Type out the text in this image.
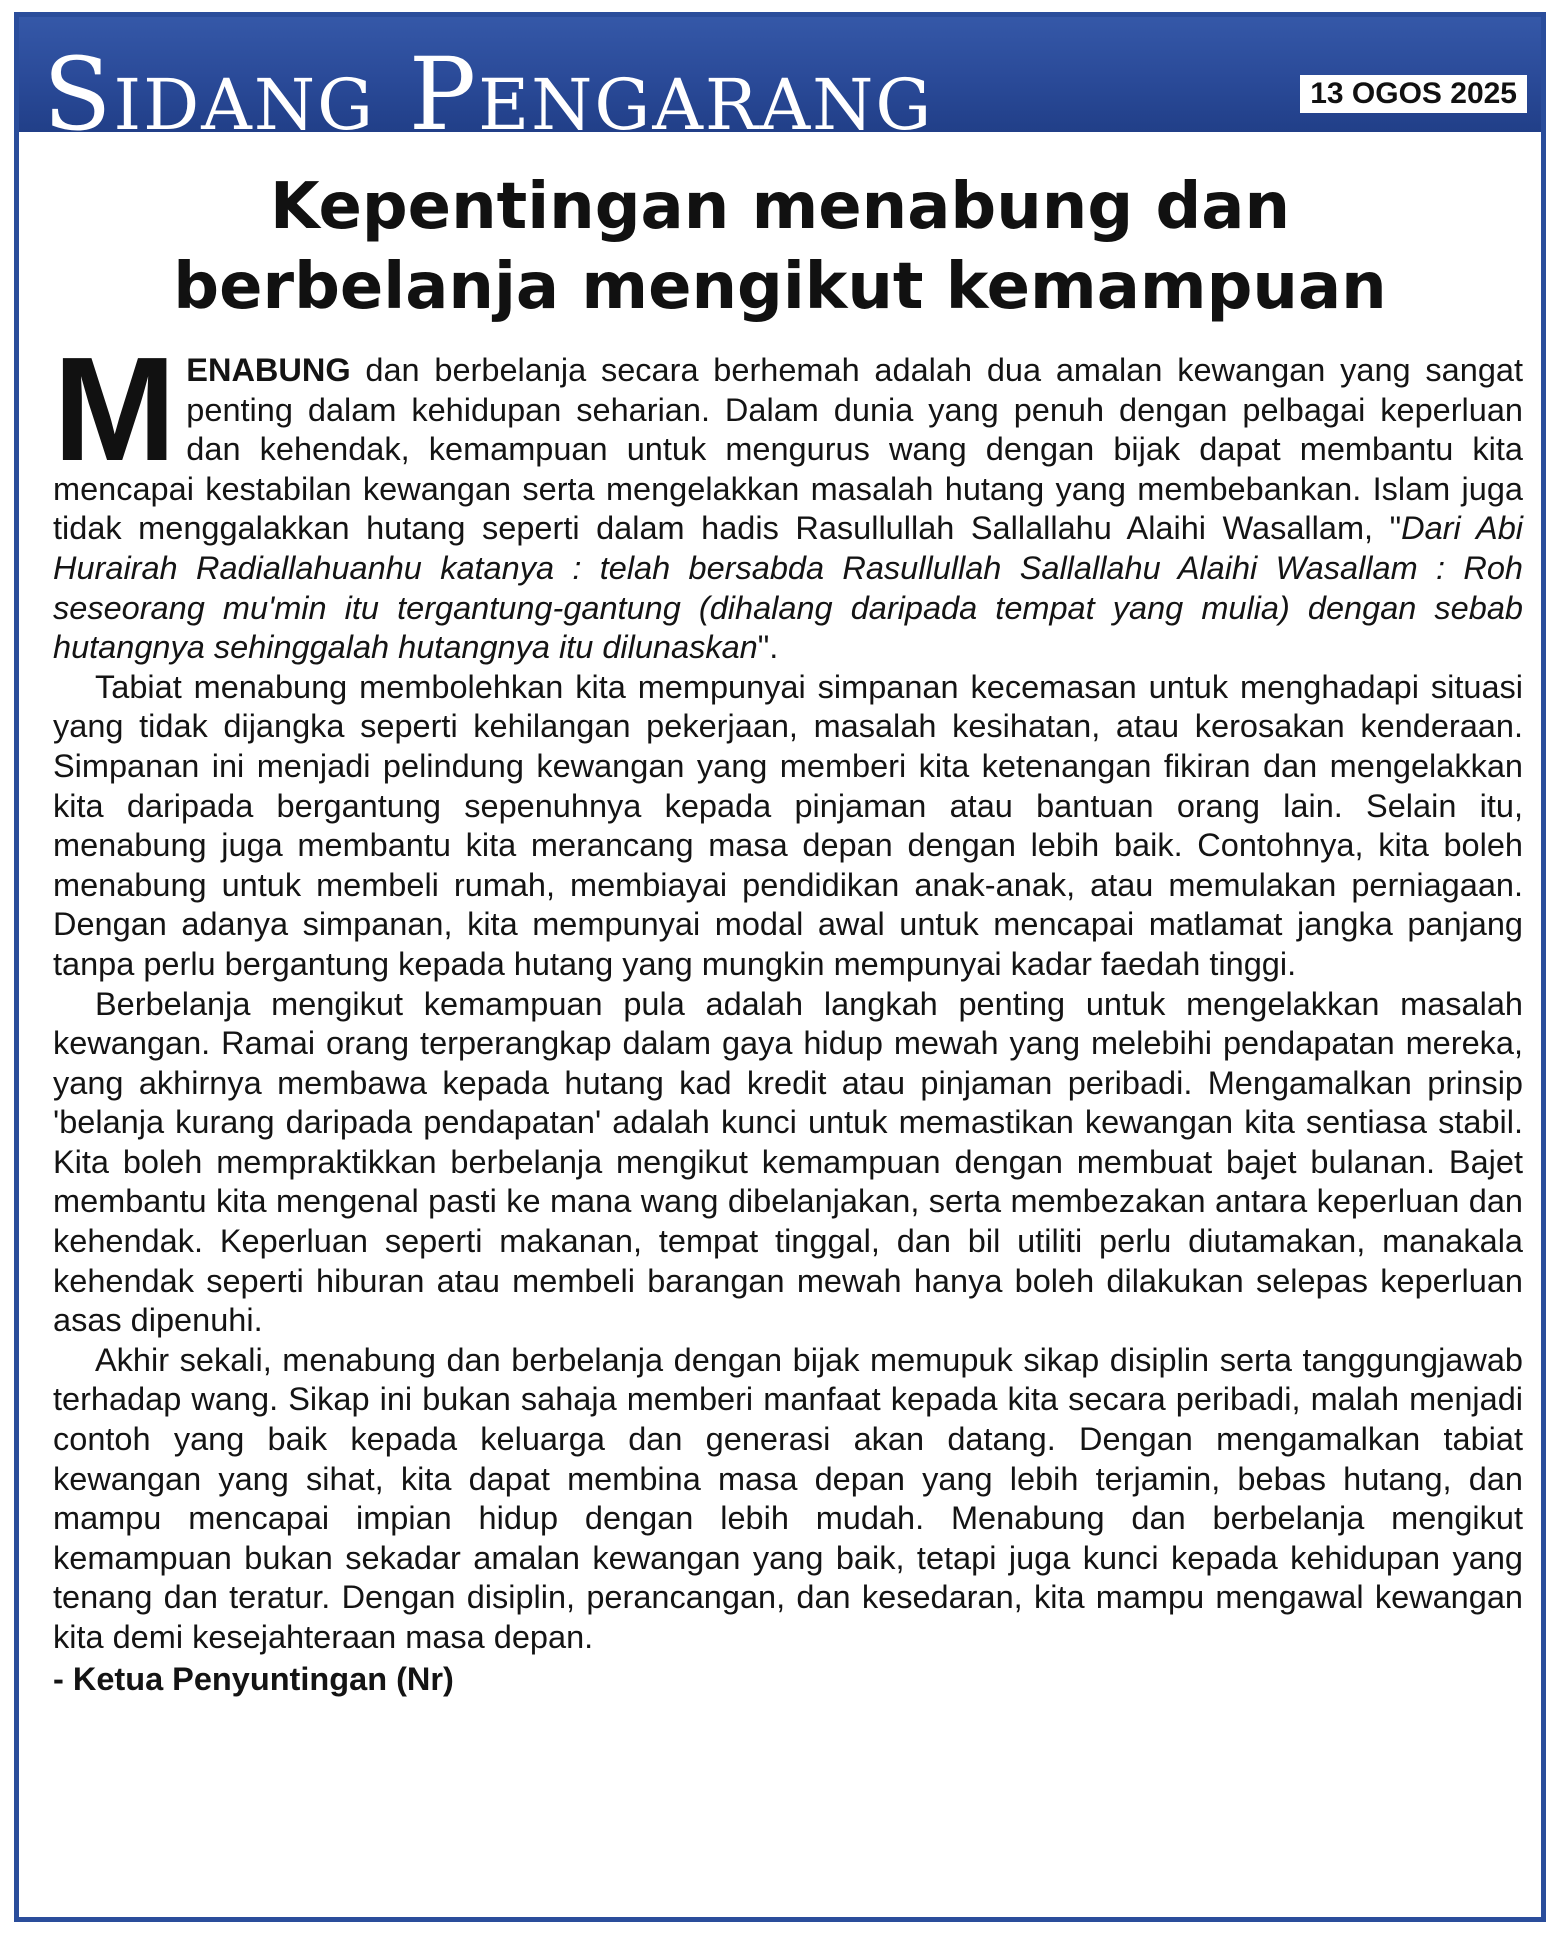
Sidang Pengarang	13 OGOS 2025
Kepentingan menabung dan
berbelanja mengikut kemampuan

MENABUNG dan berbelanja secara berhemah adalah dua amalan kewangan yang sangat penting dalam kehidupan seharian. Dalam dunia yang penuh dengan pelbagai keperluan dan kehendak, kemampuan untuk mengurus wang dengan bijak dapat membantu kita mencapai kestabilan kewangan serta mengelakkan masalah hutang yang membebankan. Islam juga tidak menggalakkan hutang seperti dalam hadis Rasullullah Sallallahu Alaihi Wasallam, "Dari Abi Hurairah Radiallahuanhu katanya : telah bersabda Rasullullah Sallallahu Alaihi Wasallam : Roh seseorang mu'min itu tergantung-gantung (dihalang daripada tempat yang mulia) dengan sebab hutangnya sehinggalah hutangnya itu dilunaskan".

Tabiat menabung membolehkan kita mempunyai simpanan kecemasan untuk menghadapi situasi yang tidak dijangka seperti kehilangan pekerjaan, masalah kesihatan, atau kerosakan kenderaan. Simpanan ini menjadi pelindung kewangan yang memberi kita ketenangan fikiran dan mengelakkan kita daripada bergantung sepenuhnya kepada pinjaman atau bantuan orang lain. Selain itu, menabung juga membantu kita merancang masa depan dengan lebih baik. Contohnya, kita boleh menabung untuk membeli rumah, membiayai pendidikan anak-anak, atau memulakan perniagaan. Dengan adanya simpanan, kita mempunyai modal awal untuk mencapai matlamat jangka panjang tanpa perlu bergantung kepada hutang yang mungkin mempunyai kadar faedah tinggi.

Berbelanja mengikut kemampuan pula adalah langkah penting untuk mengelakkan masalah kewangan. Ramai orang terperangkap dalam gaya hidup mewah yang melebihi pendapatan mereka, yang akhirnya membawa kepada hutang kad kredit atau pinjaman peribadi. Mengamalkan prinsip 'belanja kurang daripada pendapatan' adalah kunci untuk memastikan kewangan kita sentiasa stabil. Kita boleh mempraktikkan berbelanja mengikut kemampuan dengan membuat bajet bulanan. Bajet membantu kita mengenal pasti ke mana wang dibelanjakan, serta membezakan antara keperluan dan kehendak. Keperluan seperti makanan, tempat tinggal, dan bil utiliti perlu diutamakan, manakala kehendak seperti hiburan atau membeli barangan mewah hanya boleh dilakukan selepas keperluan asas dipenuhi.

Akhir sekali, menabung dan berbelanja dengan bijak memupuk sikap disiplin serta tanggungjawab terhadap wang. Sikap ini bukan sahaja memberi manfaat kepada kita secara peribadi, malah menjadi contoh yang baik kepada keluarga dan generasi akan datang. Dengan mengamalkan tabiat kewangan yang sihat, kita dapat membina masa depan yang lebih terjamin, bebas hutang, dan mampu mencapai impian hidup dengan lebih mudah. Menabung dan berbelanja mengikut kemampuan bukan sekadar amalan kewangan yang baik, tetapi juga kunci kepada kehidupan yang tenang dan teratur. Dengan disiplin, perancangan, dan kesedaran, kita mampu mengawal kewangan kita demi kesejahteraan masa depan.

- Ketua Penyuntingan (Nr)
